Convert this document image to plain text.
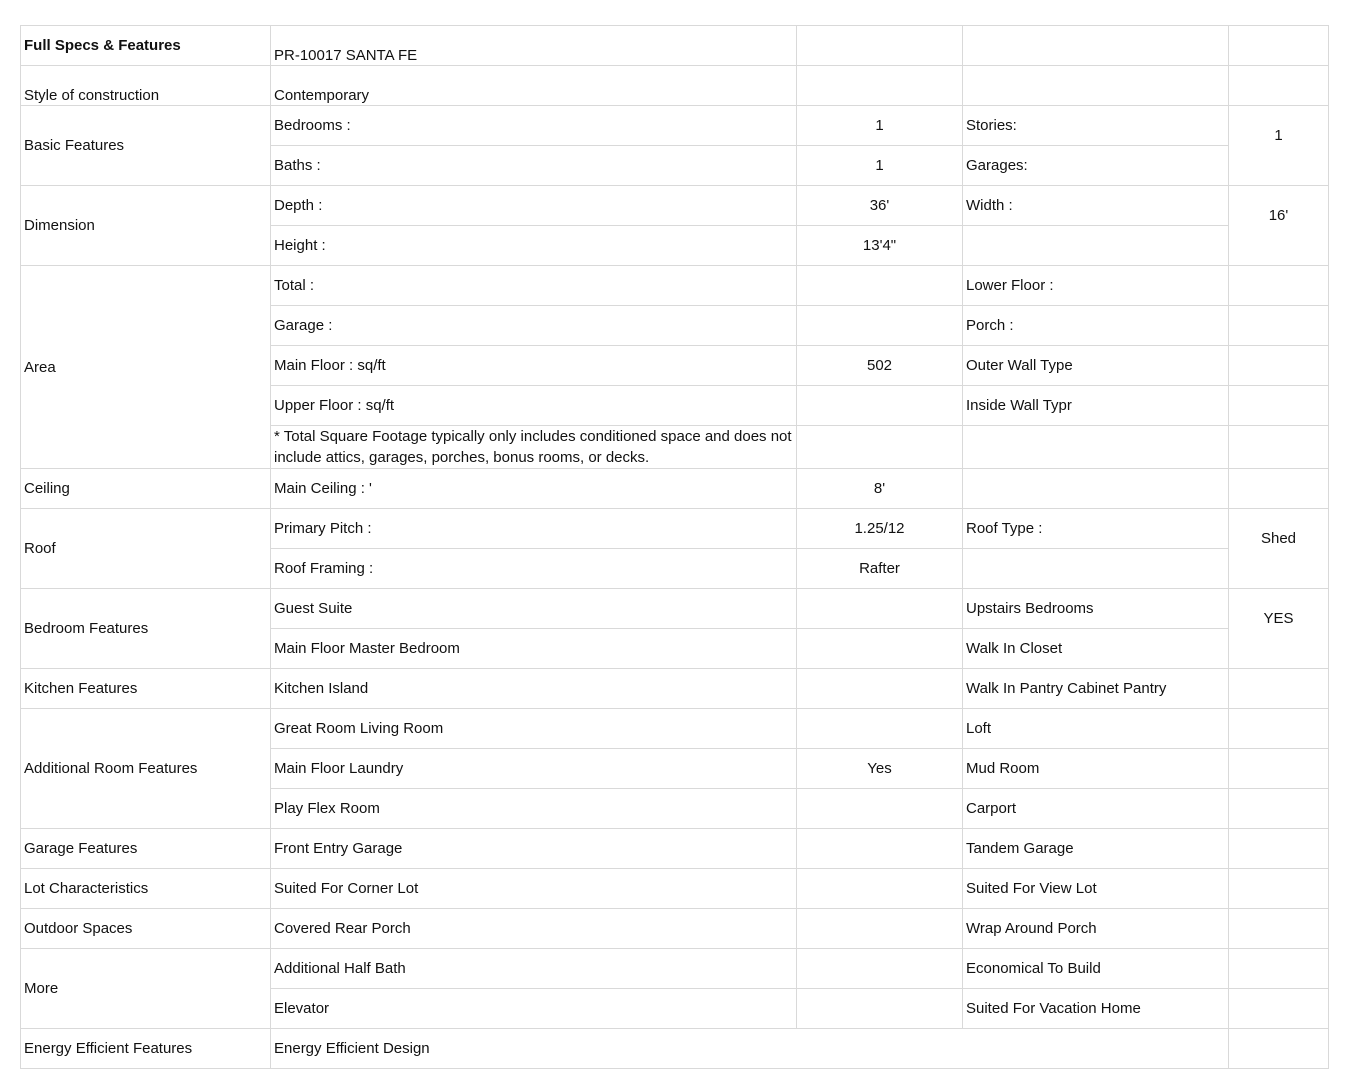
Full Specs & Features	PR-10017 SANTA FE			
Style of construction	Contemporary			
Basic Features	Bedrooms :	1	Stories:	1
	Baths :	1	Garages:	
Dimension	Depth :	36'	Width :	16'
	Height :	13'4"		
Area	Total :		Lower Floor :	
	Garage :		Porch :	
	Main Floor : sq/ft	502	Outer Wall Type	
	Upper Floor : sq/ft		Inside Wall Typr	
	* Total Square Footage typically only includes conditioned space and does not include attics, garages, porches, bonus rooms, or decks.			
Ceiling	Main Ceiling : '	8'		
Roof	Primary Pitch :	1.25/12	Roof Type :	Shed
	Roof Framing :	Rafter		
Bedroom Features	Guest Suite		Upstairs Bedrooms	YES
	Main Floor Master Bedroom		Walk In Closet	
Kitchen Features	Kitchen Island		Walk In Pantry Cabinet Pantry	
Additional Room Features	Great Room Living Room		Loft	
	Main Floor Laundry	Yes	Mud Room	
	Play Flex Room		Carport	
Garage Features	Front Entry Garage		Tandem Garage	
Lot Characteristics	Suited For Corner Lot		Suited For View Lot	
Outdoor Spaces	Covered Rear Porch		Wrap Around Porch	
More	Additional Half Bath		Economical To Build	
	Elevator		Suited For Vacation Home	
Energy Efficient Features	Energy Efficient Design			
